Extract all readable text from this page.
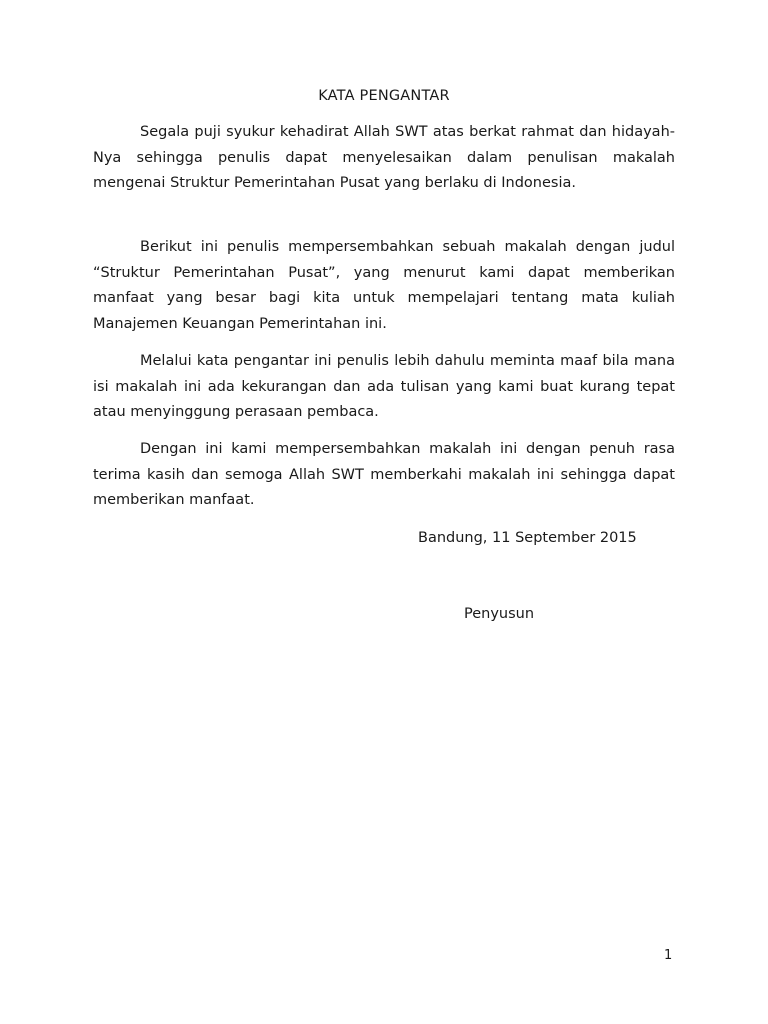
KATA PENGANTAR

Segala puji syukur kehadirat Allah SWT atas berkat rahmat dan hidayah-Nya sehingga penulis dapat menyelesaikan dalam penulisan makalah mengenai Struktur Pemerintahan Pusat yang berlaku di Indonesia.

Berikut ini penulis mempersembahkan sebuah makalah dengan judul “Struktur Pemerintahan Pusat”, yang menurut kami dapat memberikan manfaat yang besar bagi kita untuk mempelajari tentang mata kuliah Manajemen Keuangan Pemerintahan ini.

Melalui kata pengantar ini penulis lebih dahulu meminta maaf bila mana isi makalah ini ada kekurangan dan ada tulisan yang kami buat kurang tepat atau menyinggung perasaan pembaca.

Dengan ini kami mempersembahkan makalah ini dengan penuh rasa terima kasih dan semoga Allah SWT memberkahi makalah ini sehingga dapat memberikan manfaat.

Bandung, 11 September 2015

Penyusun

1
